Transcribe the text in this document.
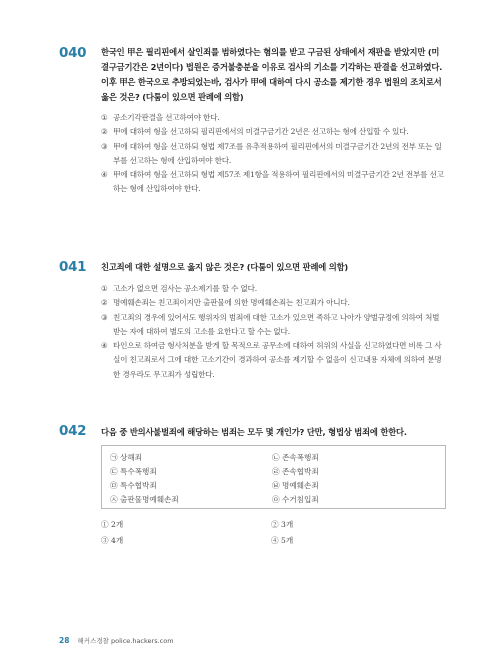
040 한국인 甲은 필리핀에서 살인죄를 범하였다는 혐의를 받고 구금된 상태에서 재판을 받았지만 (미결구금기간은 2년이다) 법원은 증거불충분을 이유로 검사의 기소를 기각하는 판결을 선고하였다. 이후 甲은 한국으로 추방되었는바, 검사가 甲에 대하여 다시 공소를 제기한 경우 법원의 조치로서 옳은 것은? (다툼이 있으면 판례에 의함)
① 공소기각판결을 선고하여야 한다.
② 甲에 대하여 형을 선고하되 필리핀에서의 미결구금기간 2년은 선고하는 형에 산입할 수 있다.
③ 甲에 대하여 형을 선고하되 형법 제7조를 유추적용하여 필리핀에서의 미결구금기간 2년의 전부 또는 일부를 선고하는 형에 산입하여야 한다.
④ 甲에 대하여 형을 선고하되 형법 제57조 제1항을 적용하여 필리핀에서의 미결구금기간 2년 전부를 선고하는 형에 산입하여야 한다.
041 친고죄에 대한 설명으로 옳지 않은 것은? (다툼이 있으면 판례에 의함)
① 고소가 없으면 검사는 공소제기를 할 수 없다.
② 명예훼손죄는 친고죄이지만 출판물에 의한 명예훼손죄는 친고죄가 아니다.
③ 친고죄의 경우에 있어서도 행위자의 범죄에 대한 고소가 있으면 족하고 나아가 양벌규정에 의하여 처벌받는 자에 대하여 별도의 고소를 요한다고 할 수는 없다.
④ 타인으로 하여금 형사처분을 받게 할 목적으로 공무소에 대하여 허위의 사실을 신고하였다면 비록 그 사실이 친고죄로서 그에 대한 고소기간이 경과하여 공소를 제기할 수 없음이 신고내용 자체에 의하여 분명한 경우라도 무고죄가 성립한다.
042 다음 중 반의사불벌죄에 해당하는 범죄는 모두 몇 개인가? 단만, 형법상 범죄에 한한다.
㉠ 상해죄	㉡ 존속폭행죄
㉢ 특수폭행죄	㉣ 존속협박죄
㉤ 특수협박죄	㉥ 명예훼손죄
㉦ 출판물명예훼손죄	㉧ 수거침입죄
① 2개	② 3개
③ 4개	④ 5개
28 해커스경찰 police.hackers.com
